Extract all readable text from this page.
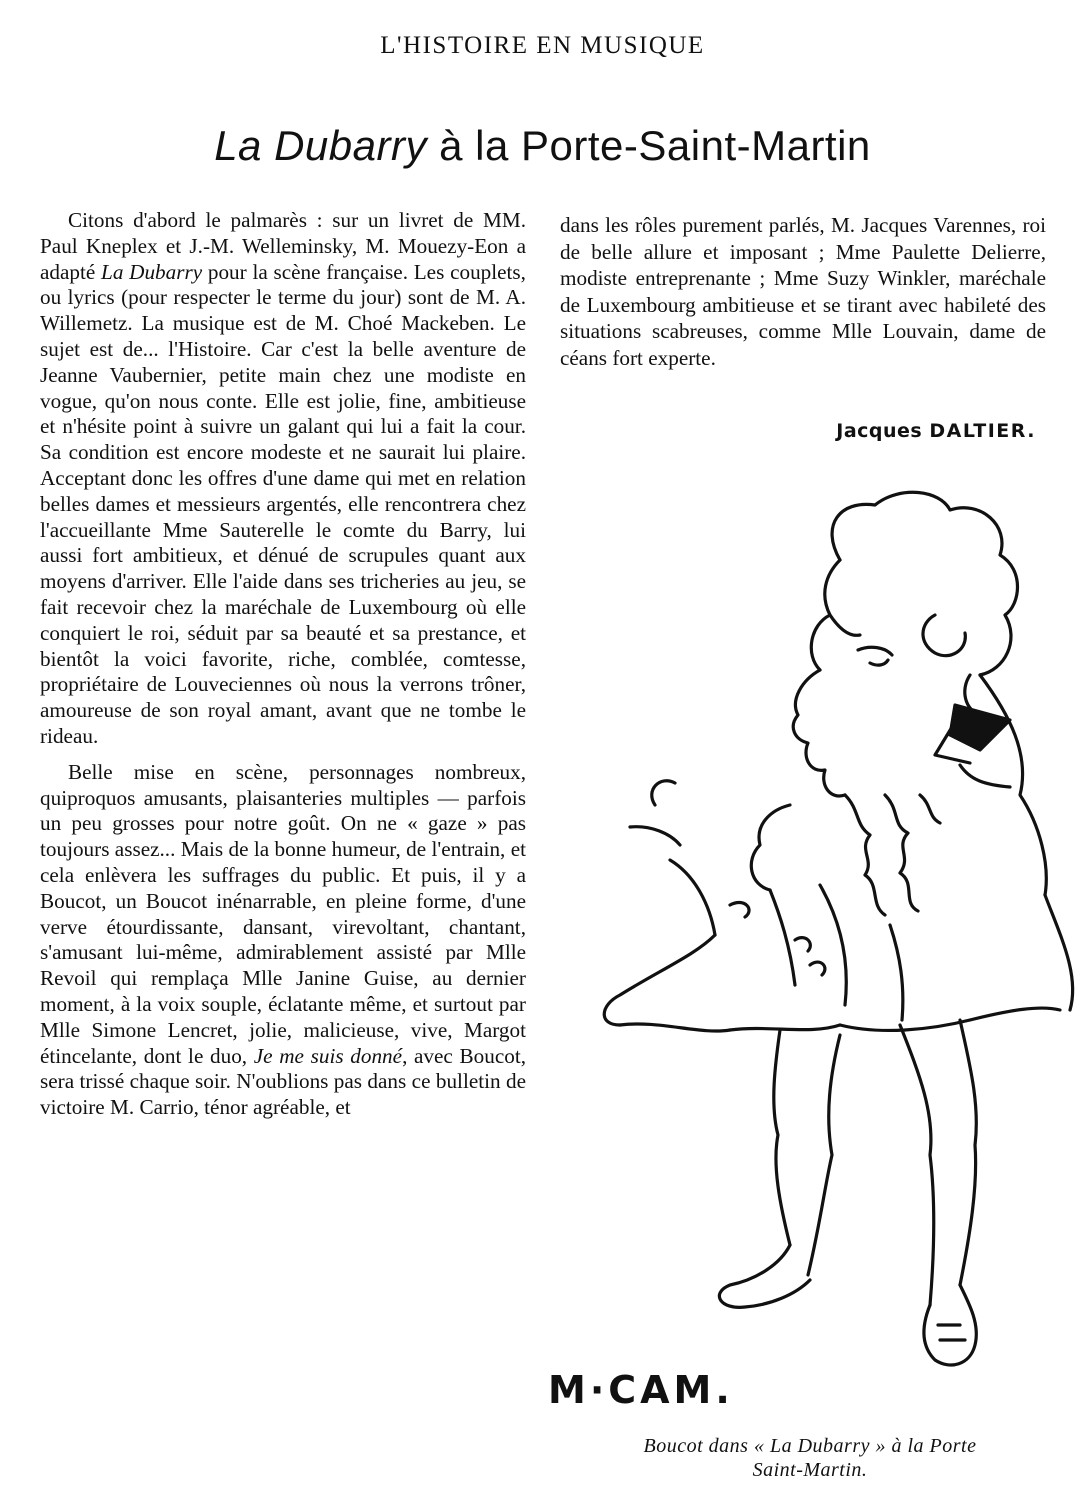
L'HISTOIRE EN MUSIQUE
La Dubarry à la Porte-Saint-Martin

Citons d'abord le palmarès : sur un livret de MM. Paul Kneplex et J.-M. Welleminsky, M. Mouezy-Eon a adapté La Dubarry pour la scène française. Les couplets, ou lyrics (pour respecter le terme du jour) sont de M. A. Willemetz. La musique est de M. Choé Mackeben. Le sujet est de... l'Histoire. Car c'est la belle aventure de Jeanne Vaubernier, petite main chez une modiste en vogue, qu'on nous conte. Elle est jolie, fine, ambitieuse et n'hésite point à suivre un galant qui lui a fait la cour. Sa condition est encore modeste et ne saurait lui plaire. Acceptant donc les offres d'une dame qui met en relation belles dames et messieurs argentés, elle rencontrera chez l'accueillante Mme Sauterelle le comte du Barry, lui aussi fort ambitieux, et dénué de scrupules quant aux moyens d'arriver. Elle l'aide dans ses tricheries au jeu, se fait recevoir chez la maréchale de Luxembourg où elle conquiert le roi, séduit par sa beauté et sa prestance, et bientôt la voici favorite, riche, comblée, comtesse, propriétaire de Louveciennes où nous la verrons trôner, amoureuse de son royal amant, avant que ne tombe le rideau.

Belle mise en scène, personnages nombreux, quiproquos amusants, plaisanteries multiples — parfois un peu grosses pour notre goût. On ne « gaze » pas toujours assez... Mais de la bonne humeur, de l'entrain, et cela enlèvera les suffrages du public. Et puis, il y a Boucot, un Boucot inénarrable, en pleine forme, d'une verve étourdissante, dansant, virevoltant, chantant, s'amusant lui-même, admirablement assisté par Mlle Revoil qui remplaça Mlle Janine Guise, au dernier moment, à la voix souple, éclatante même, et surtout par Mlle Simone Lencret, jolie, malicieuse, vive, Margot étincelante, dont le duo, Je me suis donné, avec Boucot, sera trissé chaque soir. N'oublions pas dans ce bulletin de victoire M. Carrio, ténor agréable, et

dans les rôles purement parlés, M. Jacques Varennes, roi de belle allure et imposant ; Mme Paulette Delierre, modiste entreprenante ; Mme Suzy Winkler, maréchale de Luxembourg ambitieuse et se tirant avec habileté des situations scabreuses, comme Mlle Louvain, dame de céans fort experte.

Jacques DALTIER.
M·CAM.
Boucot dans « La Dubarry » à la Porte
Saint-Martin.
